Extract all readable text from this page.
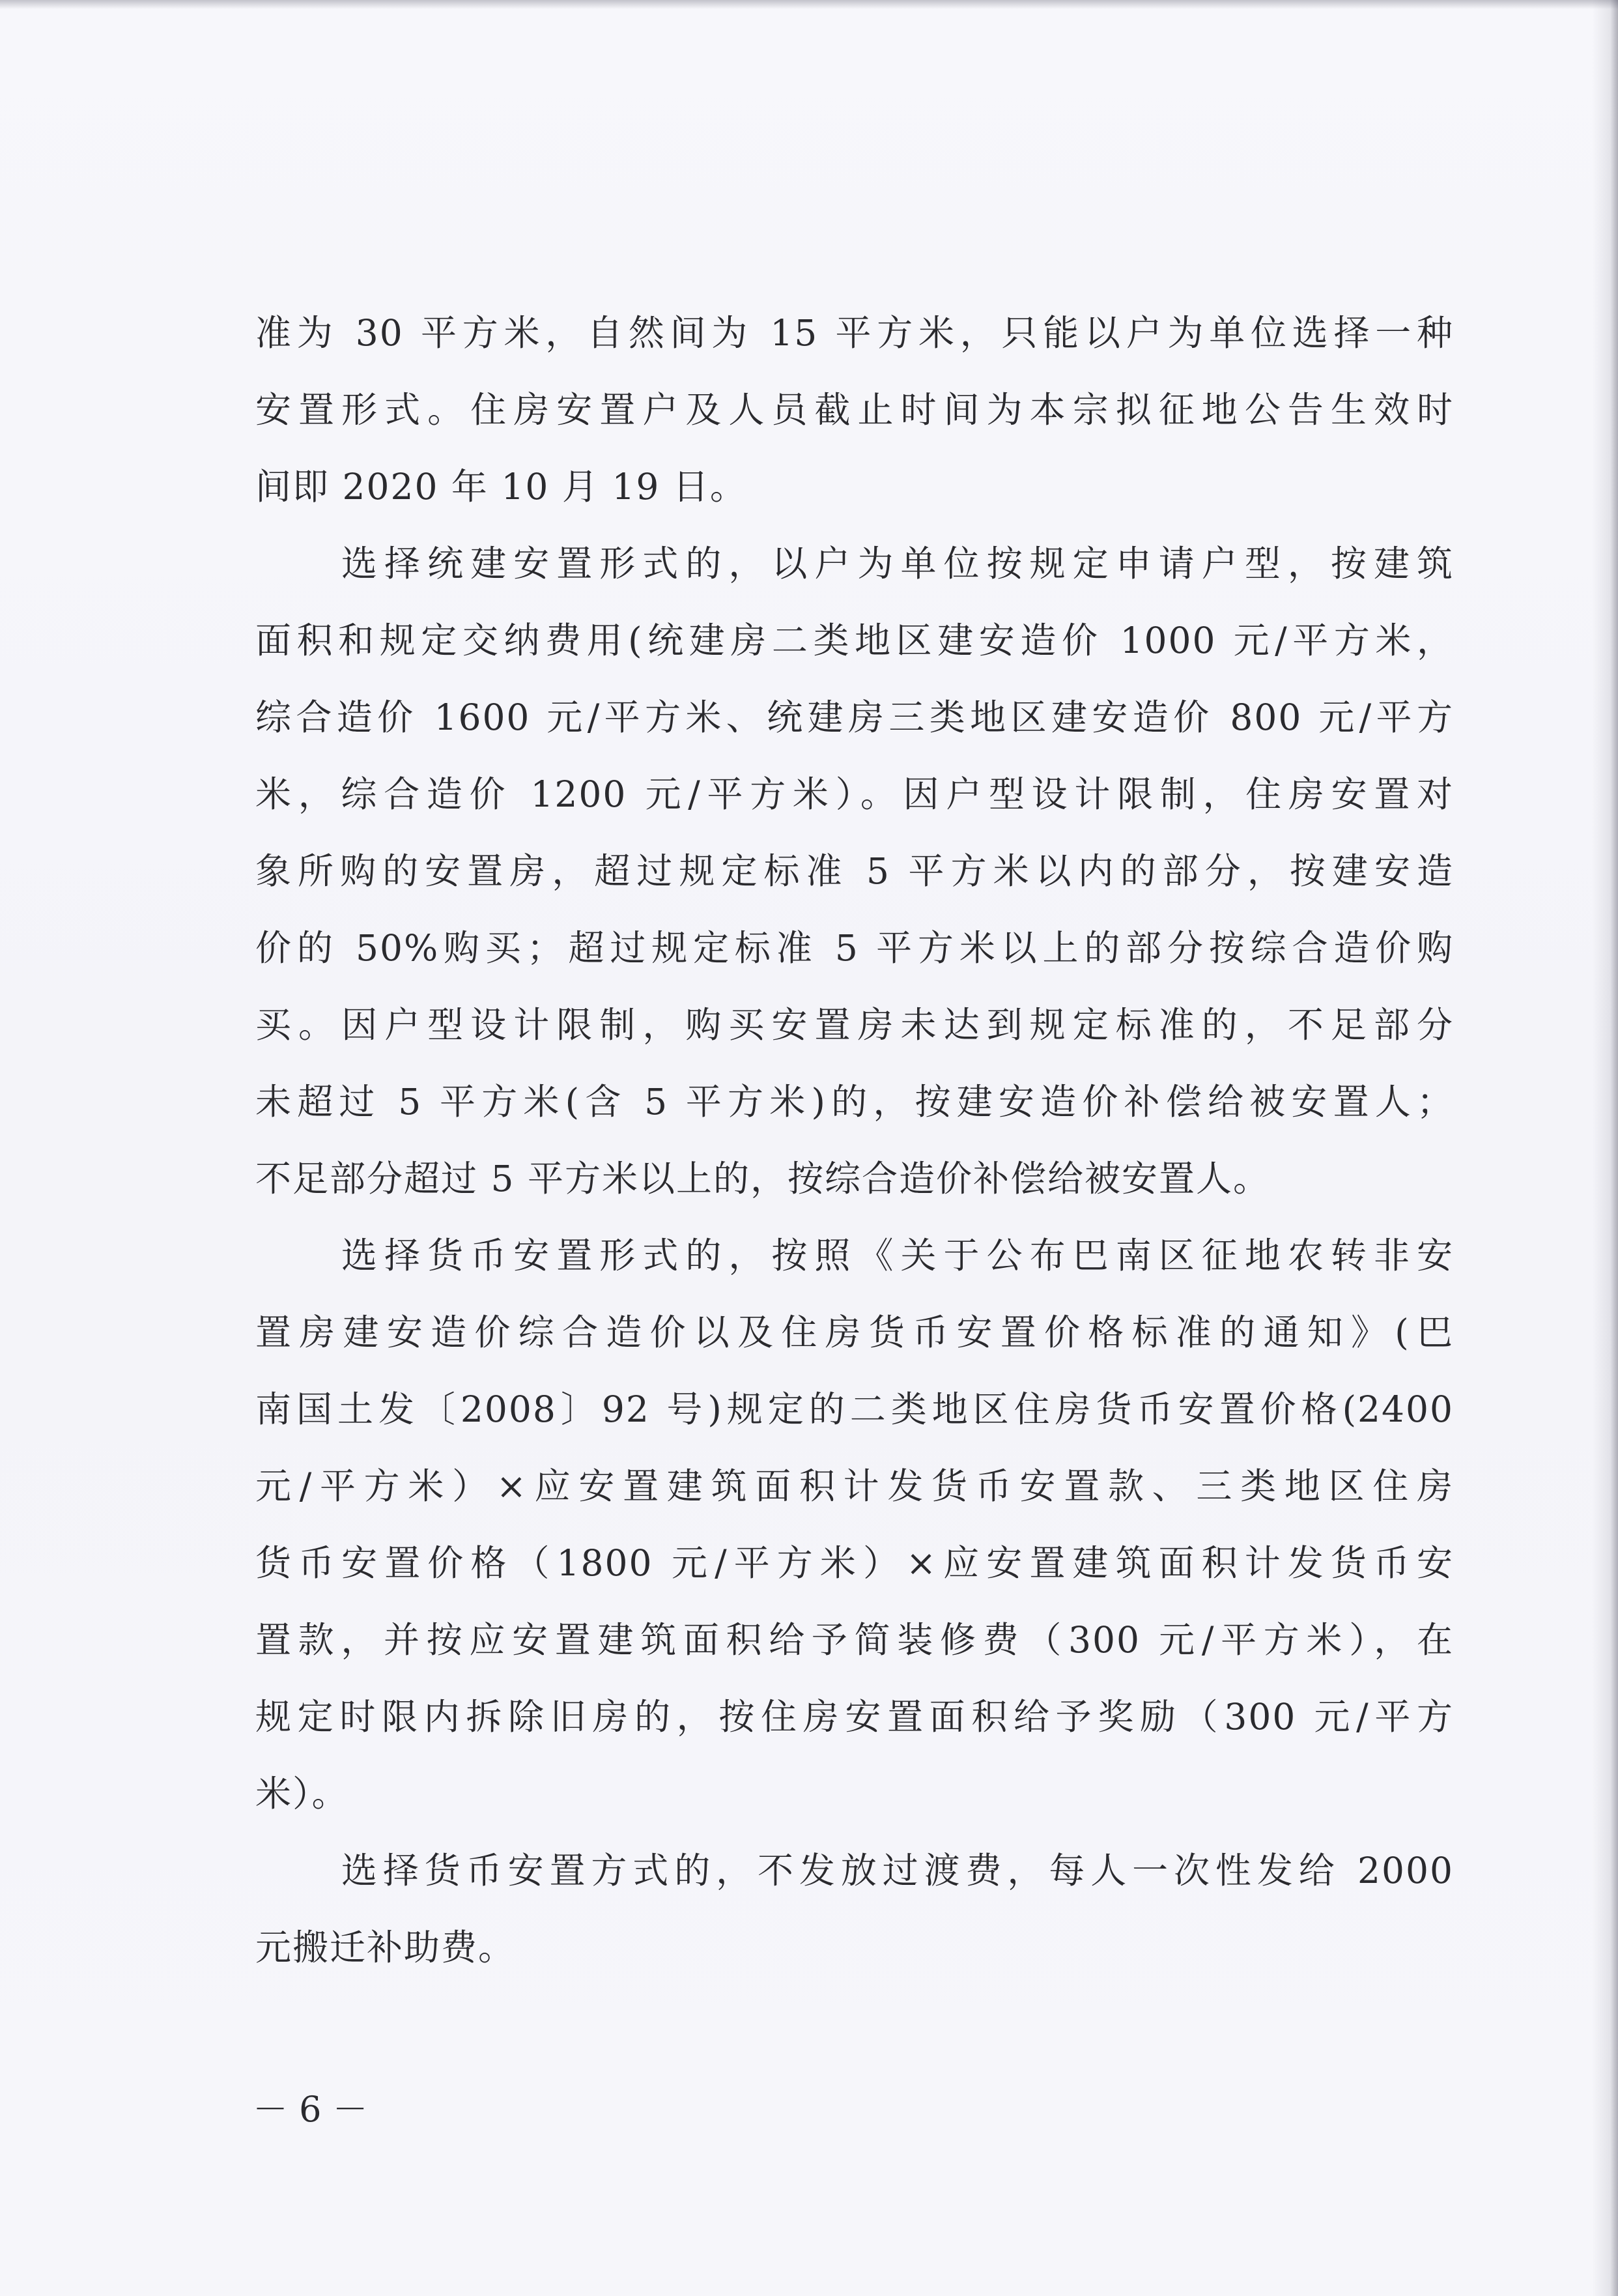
准为 30 平方米，自然间为 15 平方米，只能以户为单位选择一种
安置形式。住房安置户及人员截止时间为本宗拟征地公告生效时
间即 2020 年 10 月 19 日。
选择统建安置形式的，以户为单位按规定申请户型，按建筑
面积和规定交纳费用(统建房二类地区建安造价 1000 元/平方米，
综合造价 1600 元/平方米、统建房三类地区建安造价 800 元/平方
米，综合造价 1200 元/平方米）。因户型设计限制，住房安置对
象所购的安置房，超过规定标准 5 平方米以内的部分，按建安造
价的 50%购买；超过规定标准 5 平方米以上的部分按综合造价购
买。因户型设计限制，购买安置房未达到规定标准的，不足部分
未超过 5 平方米(含 5 平方米)的，按建安造价补偿给被安置人；
不足部分超过 5 平方米以上的，按综合造价补偿给被安置人。
选择货币安置形式的，按照《关于公布巴南区征地农转非安
置房建安造价综合造价以及住房货币安置价格标准的通知》(巴
南国土发〔2008〕92 号)规定的二类地区住房货币安置价格(2400
元/平方米）×应安置建筑面积计发货币安置款、三类地区住房
货币安置价格（1800 元/平方米）×应安置建筑面积计发货币安
置款，并按应安置建筑面积给予简装修费（300 元/平方米），在
规定时限内拆除旧房的，按住房安置面积给予奖励（300 元/平方
米）。
选择货币安置方式的，不发放过渡费，每人一次性发给 2000
元搬迁补助费。
－ 6 －
